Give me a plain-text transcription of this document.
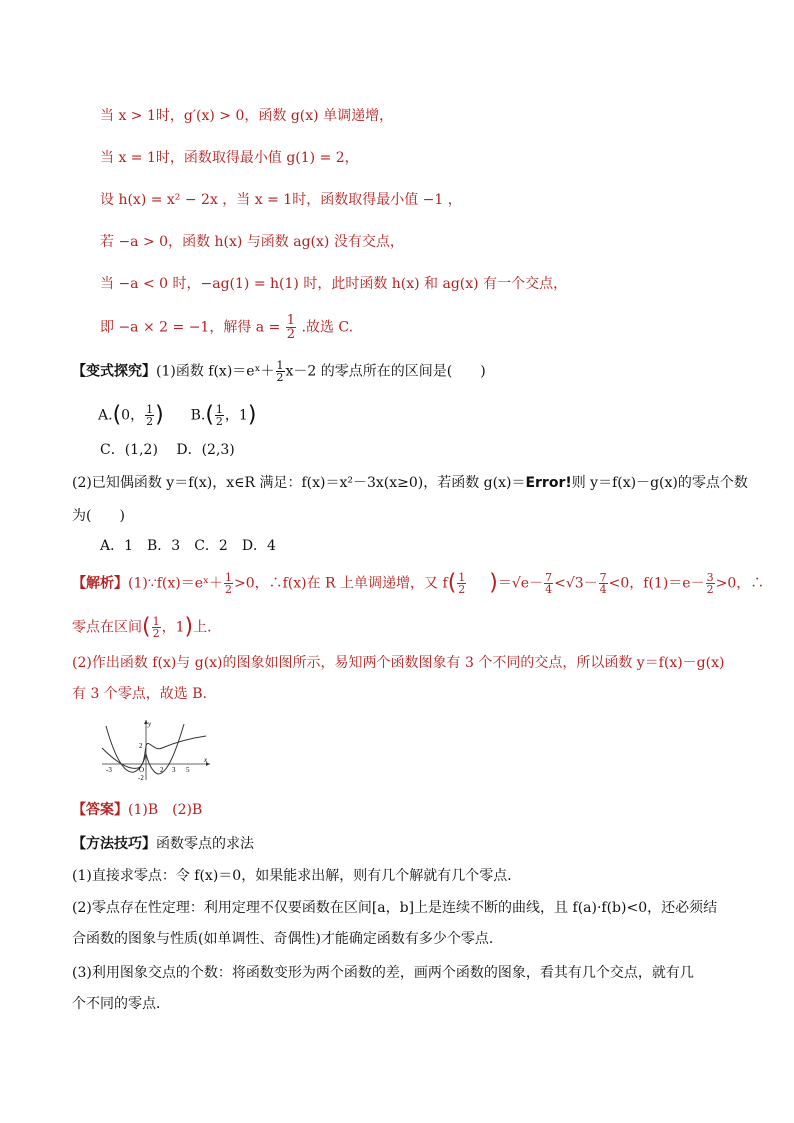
当 x > 1时，g′(x) > 0，函数 g(x) 单调递增，
当 x = 1时，函数取得最小值 g(1) = 2，
设 h(x) = x² − 2x ，当 x = 1时，函数取得最小值 −1 ，
若 −a > 0，函数 h(x) 与函数 ag(x) 没有交点，
当 −a < 0 时，−ag(1) = h(1) 时，此时函数 h(x) 和 ag(x) 有一个交点，
即 −a × 2 = −1，解得 $a = \frac{1}{2}$ .故选 C.
【变式探究】(1)函数 f(x)＝eˣ＋ $\frac{1}{2} x-2$ 的零点所在的区间是(　　)
A.(0， $\frac{1}{2}$ ) $B.( \frac{1}{2}$ ，1)
C．(1,2)　 D．(2,3)
(2)已知偶函数 y＝f(x)，x∈R 满足：f(x)＝x²－3x(x≥0)，若函数 g(x)＝Error!则 y＝f(x)－g(x)的零点个数
为(　　)
A．1　B．3　C．2　D．4
【解析】(1)∵f(x)＝eˣ＋ $\frac{1}{2} >0$，∴f(x)在 R 上单调递增，又 $f( \frac{1}{2} )=√e- \frac{7}{4} <√3- \frac{7}{4} <0$，$f(1)=e- \frac{3}{2} >0$，∴
零点在区间( $\frac{1}{2}$ ，1)上．
(2)作出函数 f(x)与 g(x)的图象如图所示，易知两个函数图象有 3 个不同的交点，所以函数 y＝f(x)－g(x)
有 3 个零点，故选 B.
y
x
-3	O 2 3 5
2
-2
【答案】(1)B　(2)B
【方法技巧】函数零点的求法
(1)直接求零点：令 f(x)＝0，如果能求出解，则有几个解就有几个零点．
(2)零点存在性定理：利用定理不仅要函数在区间[a，b]上是连续不断的曲线，且 f(a)·f(b)<0，还必须结
合函数的图象与性质(如单调性、奇偶性)才能确定函数有多少个零点．
(3)利用图象交点的个数：将函数变形为两个函数的差，画两个函数的图象，看其有几个交点，就有几
个不同的零点．
